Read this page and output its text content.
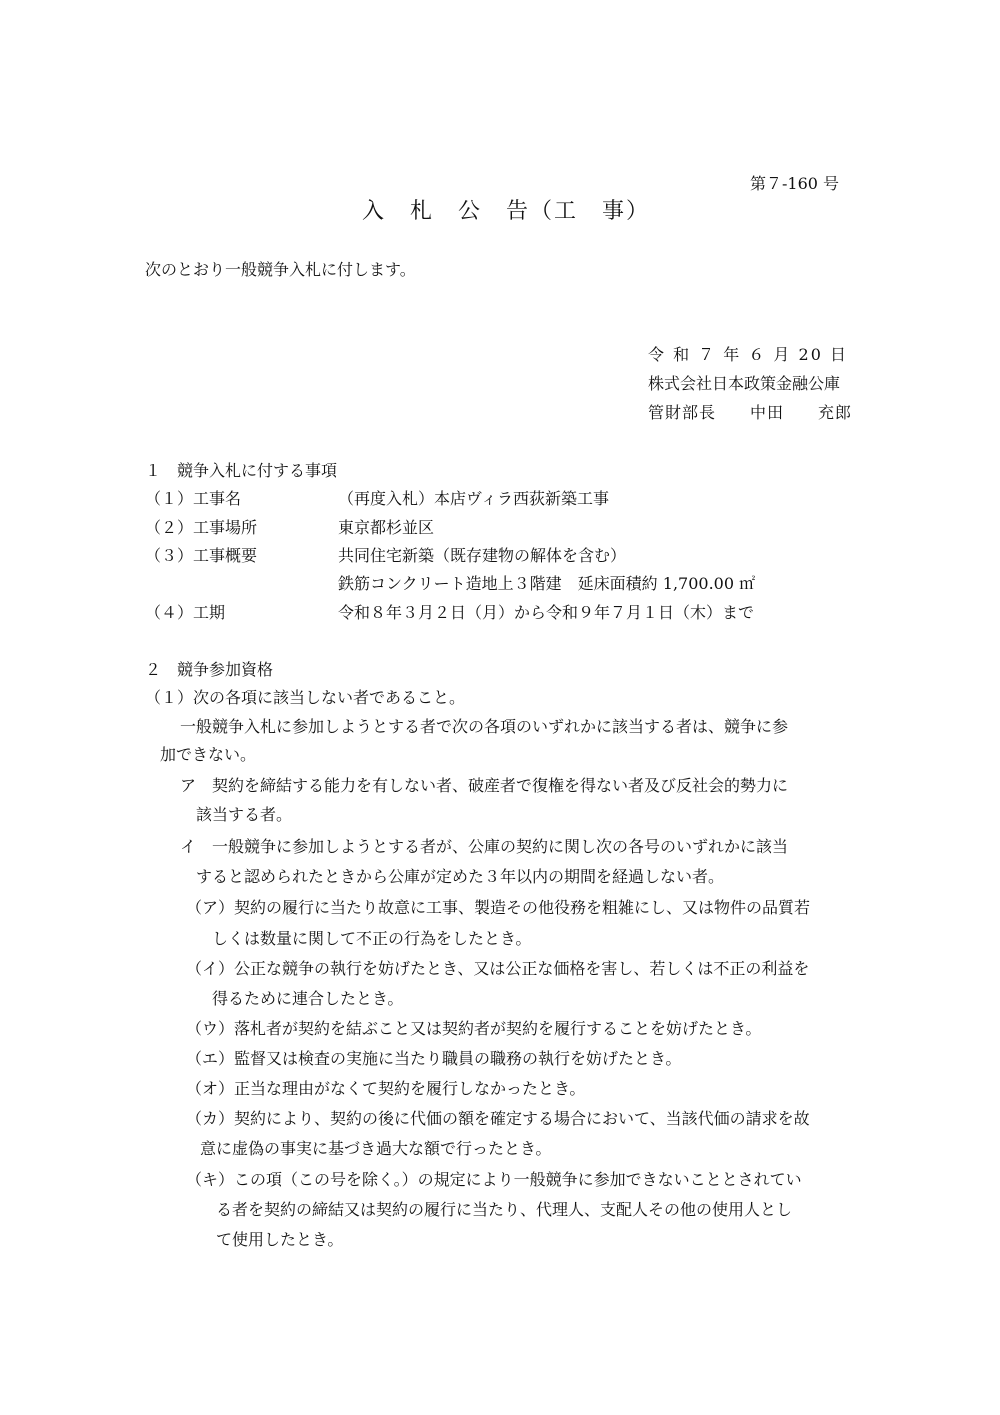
第７-160 号
入　札　公　告（工　事）
次のとおり一般競争入札に付します。
令 和 ７ 年 ６ 月 20 日
株式会社日本政策金融公庫
管財部長　　中田　　充郎
１　競争入札に付する事項
（１）工事名	（再度入札）本店ヴィラ西荻新築工事
（２）工事場所	東京都杉並区
（３）工事概要	共同住宅新築（既存建物の解体を含む）
鉄筋コンクリート造地上３階建　延床面積約 1,700.00 ㎡
（４）工期	令和８年３月２日（月）から令和９年７月１日（木）まで
２　競争参加資格
（１）次の各項に該当しない者であること。
一般競争入札に参加しようとする者で次の各項のいずれかに該当する者は、競争に参
加できない。
ア　契約を締結する能力を有しない者、破産者で復権を得ない者及び反社会的勢力に
該当する者。
イ　一般競争に参加しようとする者が、公庫の契約に関し次の各号のいずれかに該当
すると認められたときから公庫が定めた３年以内の期間を経過しない者。
（ア）契約の履行に当たり故意に工事、製造その他役務を粗雑にし、又は物件の品質若
しくは数量に関して不正の行為をしたとき。
（イ）公正な競争の執行を妨げたとき、又は公正な価格を害し、若しくは不正の利益を
得るために連合したとき。
（ウ）落札者が契約を結ぶこと又は契約者が契約を履行することを妨げたとき。
（エ）監督又は検査の実施に当たり職員の職務の執行を妨げたとき。
（オ）正当な理由がなくて契約を履行しなかったとき。
（カ）契約により、契約の後に代価の額を確定する場合において、当該代価の請求を故
意に虚偽の事実に基づき過大な額で行ったとき。
（キ）この項（この号を除く。）の規定により一般競争に参加できないこととされてい
る者を契約の締結又は契約の履行に当たり、代理人、支配人その他の使用人とし
て使用したとき。
